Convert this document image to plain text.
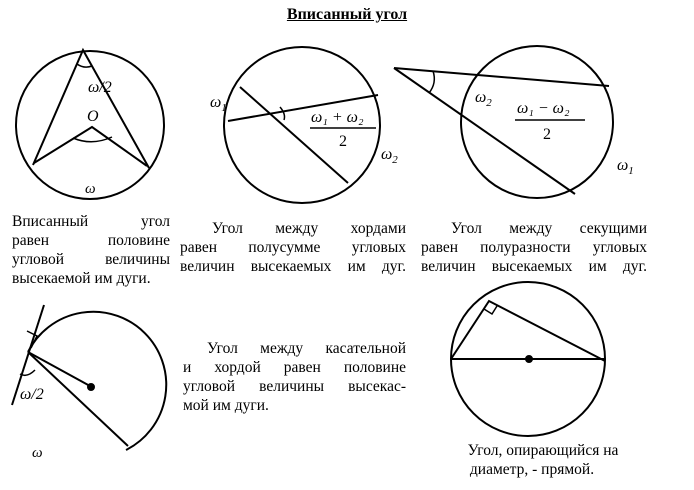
Вписанный угол
ω/2
O
ω
$\omega_1$
$\omega_2$
ω₁ + ω₂
2
$\omega_2$
$\omega_1$
ω₁ − ω₂
2
ω/2
ω
Вписанный угол
равен половине
угловой величины
высекаемой им дуги.
Угол между хордами
равен полусумме угловых
величин высекаемых им дуг.
Угол между секущими
равен полуразности угловых
величин высекаемых им дуг.
Угол между касательной
и хордой равен половине
угловой величины высекас-
мой им дуги.
Угол, опирающийся на
диаметр, - прямой.
